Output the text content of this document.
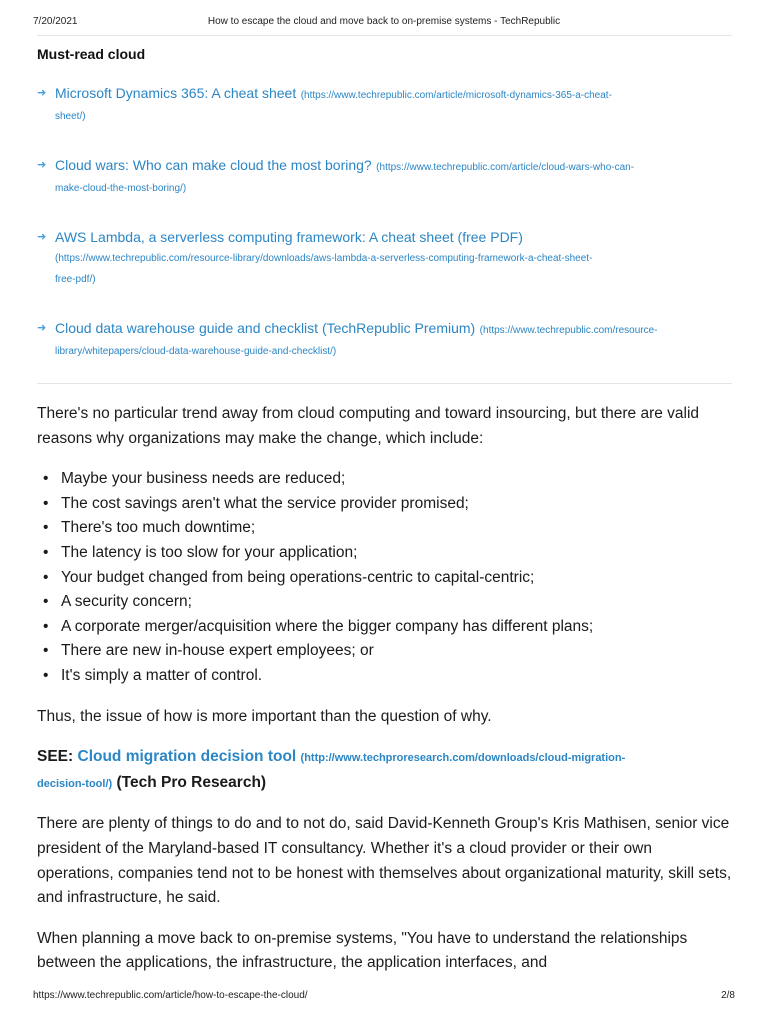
7/20/2021	How to escape the cloud and move back to on-premise systems - TechRepublic
Must-read cloud
➜ Microsoft Dynamics 365: A cheat sheet (https://www.techrepublic.com/article/microsoft-dynamics-365-a-cheat-
sheet/)
➜ Cloud wars: Who can make cloud the most boring? (https://www.techrepublic.com/article/cloud-wars-who-can-
make-cloud-the-most-boring/)
➜ AWS Lambda, a serverless computing framework: A cheat sheet (free PDF)
(https://www.techrepublic.com/resource-library/downloads/aws-lambda-a-serverless-computing-framework-a-cheat-sheet-
free-pdf/)
➜ Cloud data warehouse guide and checklist (TechRepublic Premium) (https://www.techrepublic.com/resource-
library/whitepapers/cloud-data-warehouse-guide-and-checklist/)

There's no particular trend away from cloud computing and toward insourcing, but there are valid reasons why organizations may make the change, which include:

• Maybe your business needs are reduced;
• The cost savings aren't what the service provider promised;
• There's too much downtime;
• The latency is too slow for your application;
• Your budget changed from being operations-centric to capital-centric;
• A security concern;
• A corporate merger/acquisition where the bigger company has different plans;
• There are new in-house expert employees; or
• It's simply a matter of control.

Thus, the issue of how is more important than the question of why.

SEE: Cloud migration decision tool (http://www.techproresearch.com/downloads/cloud-migration-
decision-tool/) (Tech Pro Research)

There are plenty of things to do and to not do, said David-Kenneth Group's Kris Mathisen, senior vice president of the Maryland-based IT consultancy. Whether it's a cloud provider or their own operations, companies tend not to be honest with themselves about organizational maturity, skill sets, and infrastructure, he said.

When planning a move back to on-premise systems, "You have to understand the relationships between the applications, the infrastructure, the application interfaces, and

https://www.techrepublic.com/article/how-to-escape-the-cloud/	2/8
